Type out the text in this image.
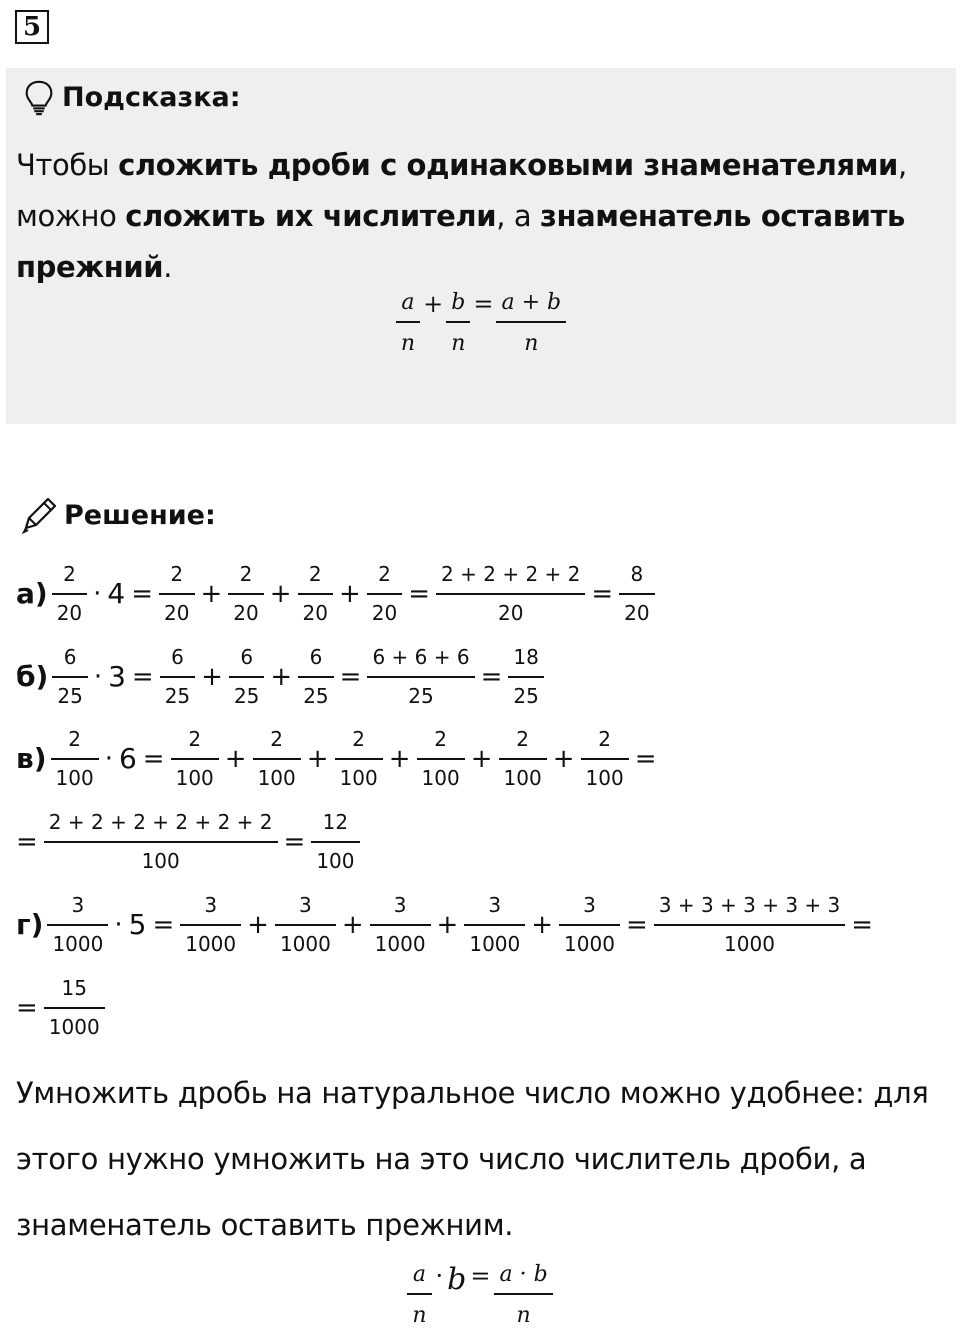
5
Подсказка:
Чтобы сложить дроби с одинаковыми знаменателями, можно сложить их числители, а знаменатель оставить прежний.
$\frac{a}{n} + \frac{b}{n} = \frac{a + b}{n}$
Решение:
$а) \frac{2}{20} \cdot 4 = \frac{2}{20} + \frac{2}{20} + \frac{2}{20} + \frac{2}{20} = \frac{2 + 2 + 2 + 2}{20} = \frac{8}{20}$
$б) \frac{6}{25} \cdot 3 = \frac{6}{25} + \frac{6}{25} + \frac{6}{25} = \frac{6 + 6 + 6}{25} = \frac{18}{25}$
$в) \frac{2}{100} \cdot 6 = \frac{2}{100} + \frac{2}{100} + \frac{2}{100} + \frac{2}{100} + \frac{2}{100} + \frac{2}{100}$ =
= $\frac{2 + 2 + 2 + 2 + 2 + 2}{100} = \frac{12}{100}$
$г) \frac{3}{1000} \cdot 5 = \frac{3}{1000} + \frac{3}{1000} + \frac{3}{1000} + \frac{3}{1000} + \frac{3}{1000} = \frac{3 + 3 + 3 + 3 + 3}{1000}$ =
= $\frac{15}{1000}$
Умножить дробь на натуральное число можно удобнее: для этого нужно умножить на это число числитель дроби, а знаменатель оставить прежним.
$\frac{a}{n} \cdot b = \frac{a \cdot b}{n}$
